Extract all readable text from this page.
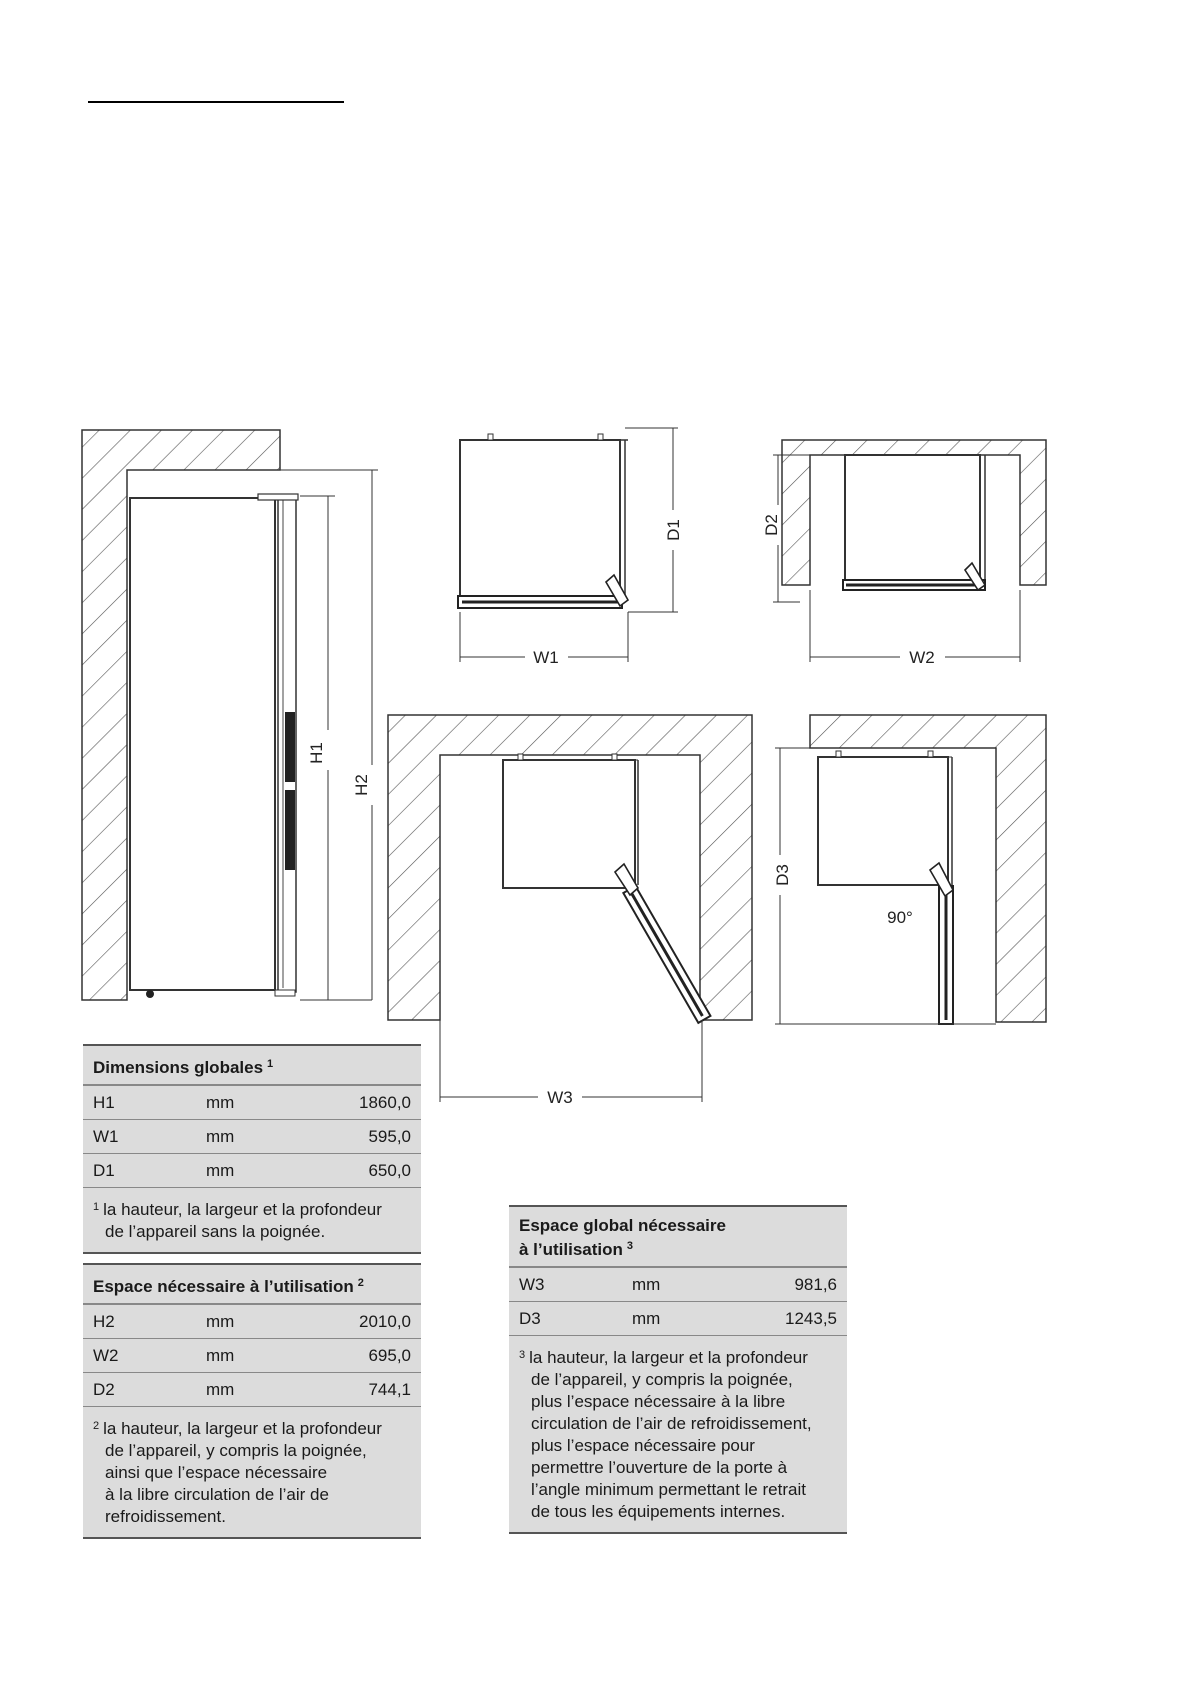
H1
H2
D1
W1
D2
W2
W3
90°
D3
Dimensions globales $^1$
H1	mm	1860,0
W1	mm	595,0
D1	mm	650,0
$^1$ la hauteur, la largeur et la profondeur
de l’appareil sans la poignée.
Espace nécessaire à l’utilisation $^2$
H2	mm	2010,0
W2	mm	695,0
D2	mm	744,1
$^2$ la hauteur, la largeur et la profondeur
de l’appareil, y compris la poignée,
ainsi que l’espace nécessaire
à la libre circulation de l’air de
refroidissement.
Espace global nécessaire
à l’utilisation $^3$
W3	mm	981,6
D3	mm	1243,5
$^3$ la hauteur, la largeur et la profondeur
de l’appareil, y compris la poignée,
plus l’espace nécessaire à la libre
circulation de l’air de refroidissement,
plus l’espace nécessaire pour
permettre l’ouverture de la porte à
l’angle minimum permettant le retrait
de tous les équipements internes.
